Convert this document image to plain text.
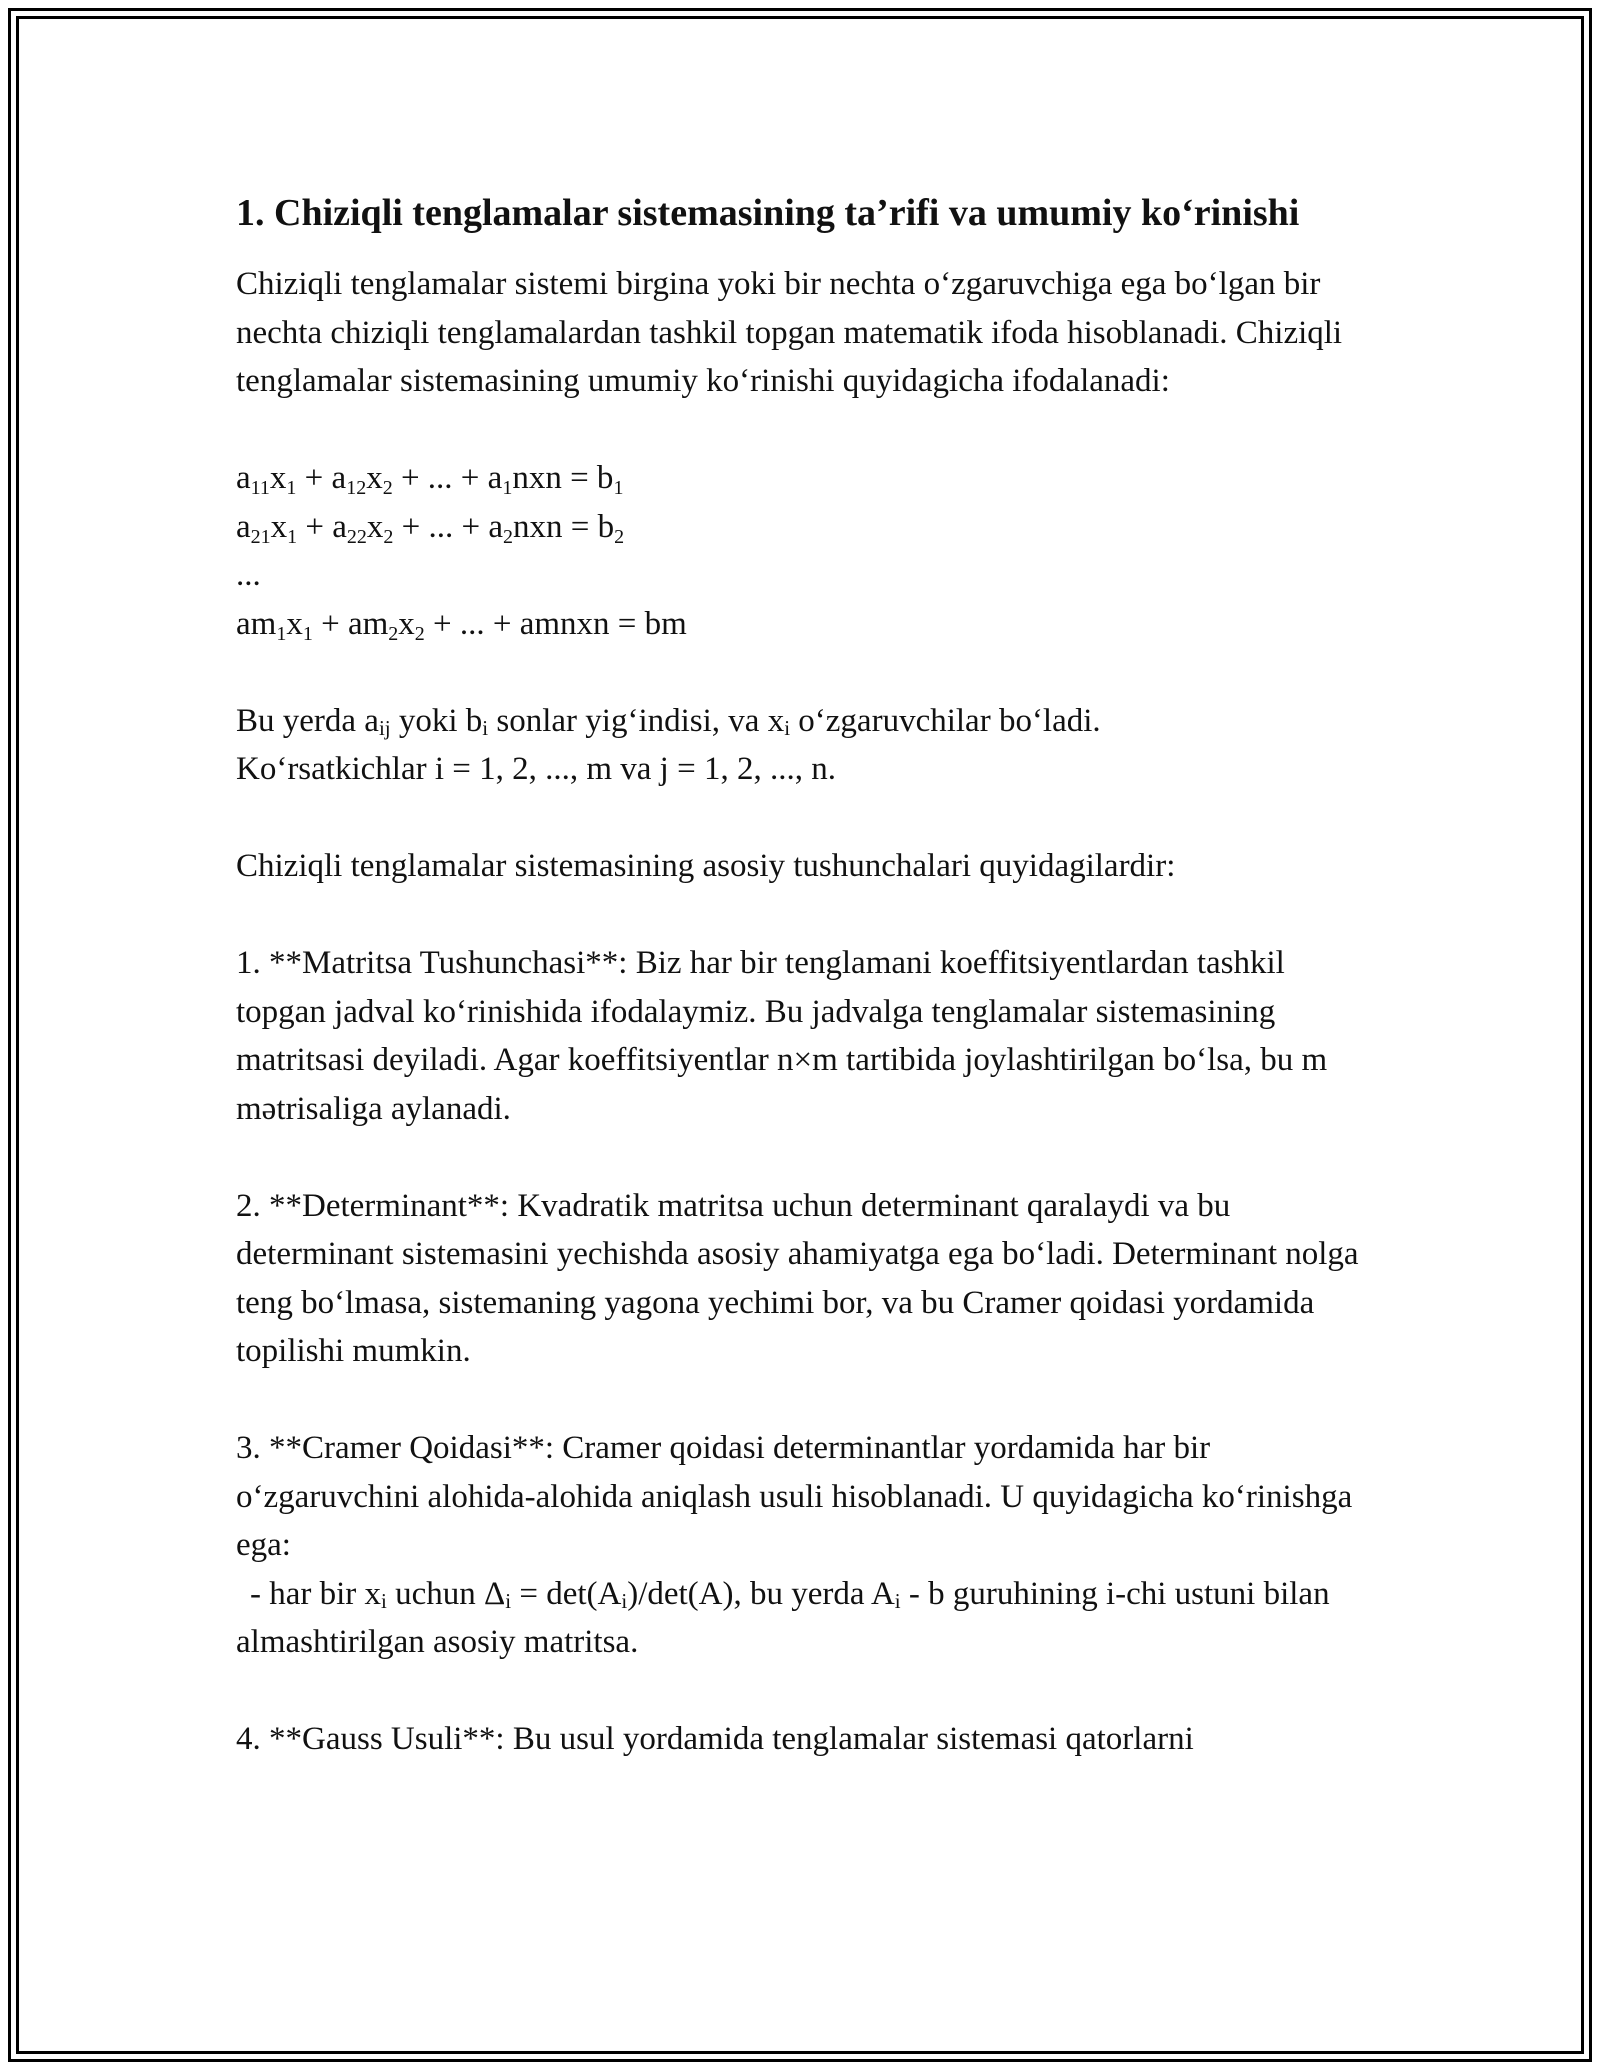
1. Chiziqli tenglamalar sistemasining ta’rifi va umumiy ko‘rinishi

Chiziqli tenglamalar sistemi birgina yoki bir nechta o‘zgaruvchiga ega bo‘lgan bir nechta chiziqli tenglamalardan tashkil topgan matematik ifoda hisoblanadi. Chiziqli tenglamalar sistemasining umumiy ko‘rinishi quyidagicha ifodalanadi:

$a_{11}x_1 + a_{12}x_2$ + ... + $a_1nxn = b_1$
$a_{21}x_1 + a_{22}x_2$ + ... + $a_2nxn = b_2$
...
$am_1x_1 + am_2x_2$ + ... + amnxn = bm

Bu yerda aij yoki bi sonlar yig‘indisi, va xi o‘zgaruvchilar bo‘ladi.
Ko‘rsatkichlar i = 1, 2, ..., m va j = 1, 2, ..., n.

Chiziqli tenglamalar sistemasining asosiy tushunchalari quyidagilardir:

1. **Matritsa Tushunchasi**: Biz har bir tenglamani koeffitsiyentlardan tashkil topgan jadval ko‘rinishida ifodalaymiz. Bu jadvalga tenglamalar sistemasining matritsasi deyiladi. Agar koeffitsiyentlar n×m tartibida joylashtirilgan bo‘lsa, bu m mətrisaliga aylanadi.

2. **Determinant**: Kvadratik matritsa uchun determinant qaralaydi va bu determinant sistemasini yechishda asosiy ahamiyatga ega bo‘ladi. Determinant nolga teng bo‘lmasa, sistemaning yagona yechimi bor, va bu Cramer qoidasi yordamida topilishi mumkin.

3. **Cramer Qoidasi**: Cramer qoidasi determinantlar yordamida har bir o‘zgaruvchini alohida-alohida aniqlash usuli hisoblanadi. U quyidagicha ko‘rinishga ega:
- har bir xi uchun Δi = det(Ai)/det(A), bu yerda Ai - b guruhining i-chi ustuni bilan almashtirilgan asosiy matritsa.

4. **Gauss Usuli**: Bu usul yordamida tenglamalar sistemasi qatorlarni
